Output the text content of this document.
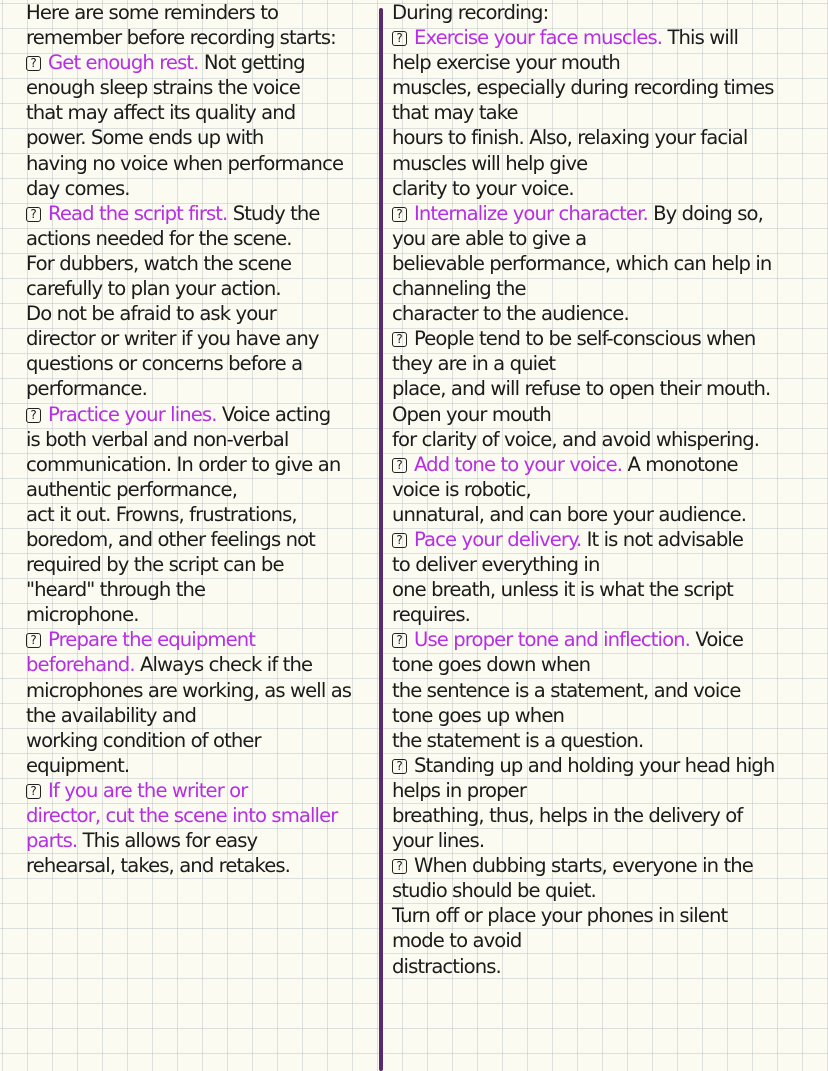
Here are some reminders to
remember before recording starts:
?Get enough rest. Not getting
enough sleep strains the voice
that may affect its quality and
power. Some ends up with
having no voice when performance
day comes.
?Read the script first. Study the
actions needed for the scene.
For dubbers, watch the scene
carefully to plan your action.
Do not be afraid to ask your
director or writer if you have any
questions or concerns before a
performance.
?Practice your lines. Voice acting
is both verbal and non-verbal
communication. In order to give an
authentic performance,
act it out. Frowns, frustrations,
boredom, and other feelings not
required by the script can be
"heard" through the
microphone.
?Prepare the equipment
beforehand. Always check if the
microphones are working, as well as
the availability and
working condition of other
equipment.
?If you are the writer or
director, cut the scene into smaller
parts. This allows for easy
rehearsal, takes, and retakes.
During recording:
?Exercise your face muscles. This will
help exercise your mouth
muscles, especially during recording times
that may take
hours to finish. Also, relaxing your facial
muscles will help give
clarity to your voice.
?Internalize your character. By doing so,
you are able to give a
believable performance, which can help in
channeling the
character to the audience.
?People tend to be self-conscious when
they are in a quiet
place, and will refuse to open their mouth.
Open your mouth
for clarity of voice, and avoid whispering.
?Add tone to your voice. A monotone
voice is robotic,
unnatural, and can bore your audience.
?Pace your delivery. It is not advisable
to deliver everything in
one breath, unless it is what the script
requires.
?Use proper tone and inflection. Voice
tone goes down when
the sentence is a statement, and voice
tone goes up when
the statement is a question.
?Standing up and holding your head high
helps in proper
breathing, thus, helps in the delivery of
your lines.
?When dubbing starts, everyone in the
studio should be quiet.
Turn off or place your phones in silent
mode to avoid
distractions.
